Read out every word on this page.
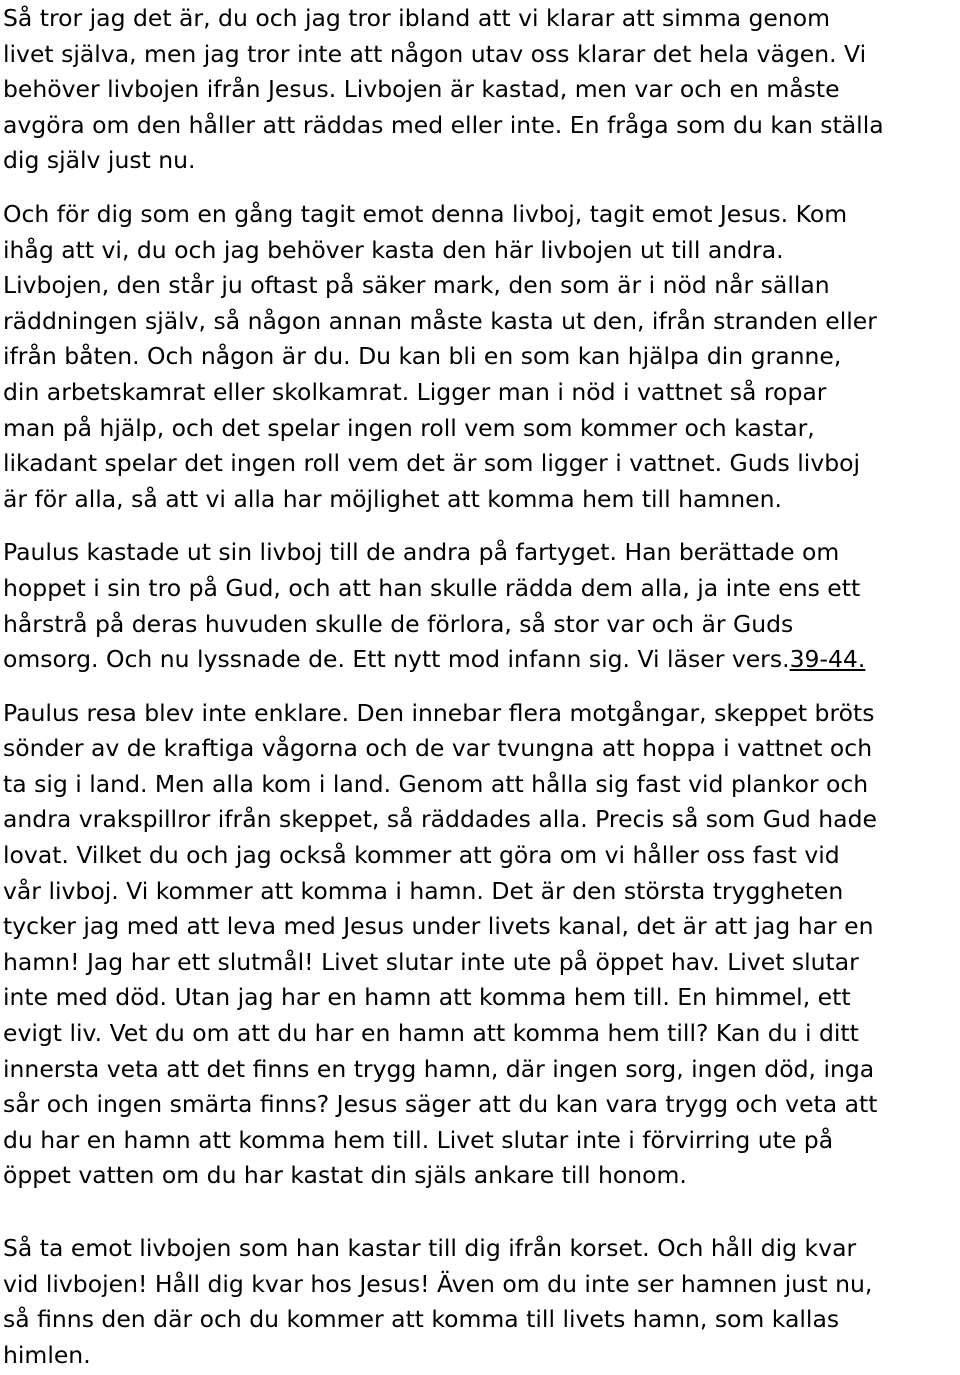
Så tror jag det är, du och jag tror ibland att vi klarar att simma genom
livet själva, men jag tror inte att någon utav oss klarar det hela vägen. Vi
behöver livbojen ifrån Jesus. Livbojen är kastad, men var och en måste
avgöra om den håller att räddas med eller inte. En fråga som du kan ställa
dig själv just nu.
Och för dig som en gång tagit emot denna livboj, tagit emot Jesus. Kom
ihåg att vi, du och jag behöver kasta den här livbojen ut till andra.
Livbojen, den står ju oftast på säker mark, den som är i nöd når sällan
räddningen själv, så någon annan måste kasta ut den, ifrån stranden eller
ifrån båten. Och någon är du. Du kan bli en som kan hjälpa din granne,
din arbetskamrat eller skolkamrat. Ligger man i nöd i vattnet så ropar
man på hjälp, och det spelar ingen roll vem som kommer och kastar,
likadant spelar det ingen roll vem det är som ligger i vattnet. Guds livboj
är för alla, så att vi alla har möjlighet att komma hem till hamnen.
Paulus kastade ut sin livboj till de andra på fartyget. Han berättade om
hoppet i sin tro på Gud, och att han skulle rädda dem alla, ja inte ens ett
hårstrå på deras huvuden skulle de förlora, så stor var och är Guds
omsorg. Och nu lyssnade de. Ett nytt mod infann sig. Vi läser vers.39-44.
Paulus resa blev inte enklare. Den innebar flera motgångar, skeppet bröts
sönder av de kraftiga vågorna och de var tvungna att hoppa i vattnet och
ta sig i land. Men alla kom i land. Genom att hålla sig fast vid plankor och
andra vrakspillror ifrån skeppet, så räddades alla. Precis så som Gud hade
lovat. Vilket du och jag också kommer att göra om vi håller oss fast vid
vår livboj. Vi kommer att komma i hamn. Det är den största tryggheten
tycker jag med att leva med Jesus under livets kanal, det är att jag har en
hamn! Jag har ett slutmål! Livet slutar inte ute på öppet hav. Livet slutar
inte med död. Utan jag har en hamn att komma hem till. En himmel, ett
evigt liv. Vet du om att du har en hamn att komma hem till? Kan du i ditt
innersta veta att det finns en trygg hamn, där ingen sorg, ingen död, inga
sår och ingen smärta finns? Jesus säger att du kan vara trygg och veta att
du har en hamn att komma hem till. Livet slutar inte i förvirring ute på
öppet vatten om du har kastat din själs ankare till honom.
Så ta emot livbojen som han kastar till dig ifrån korset. Och håll dig kvar
vid livbojen! Håll dig kvar hos Jesus! Även om du inte ser hamnen just nu,
så finns den där och du kommer att komma till livets hamn, som kallas
himlen.
